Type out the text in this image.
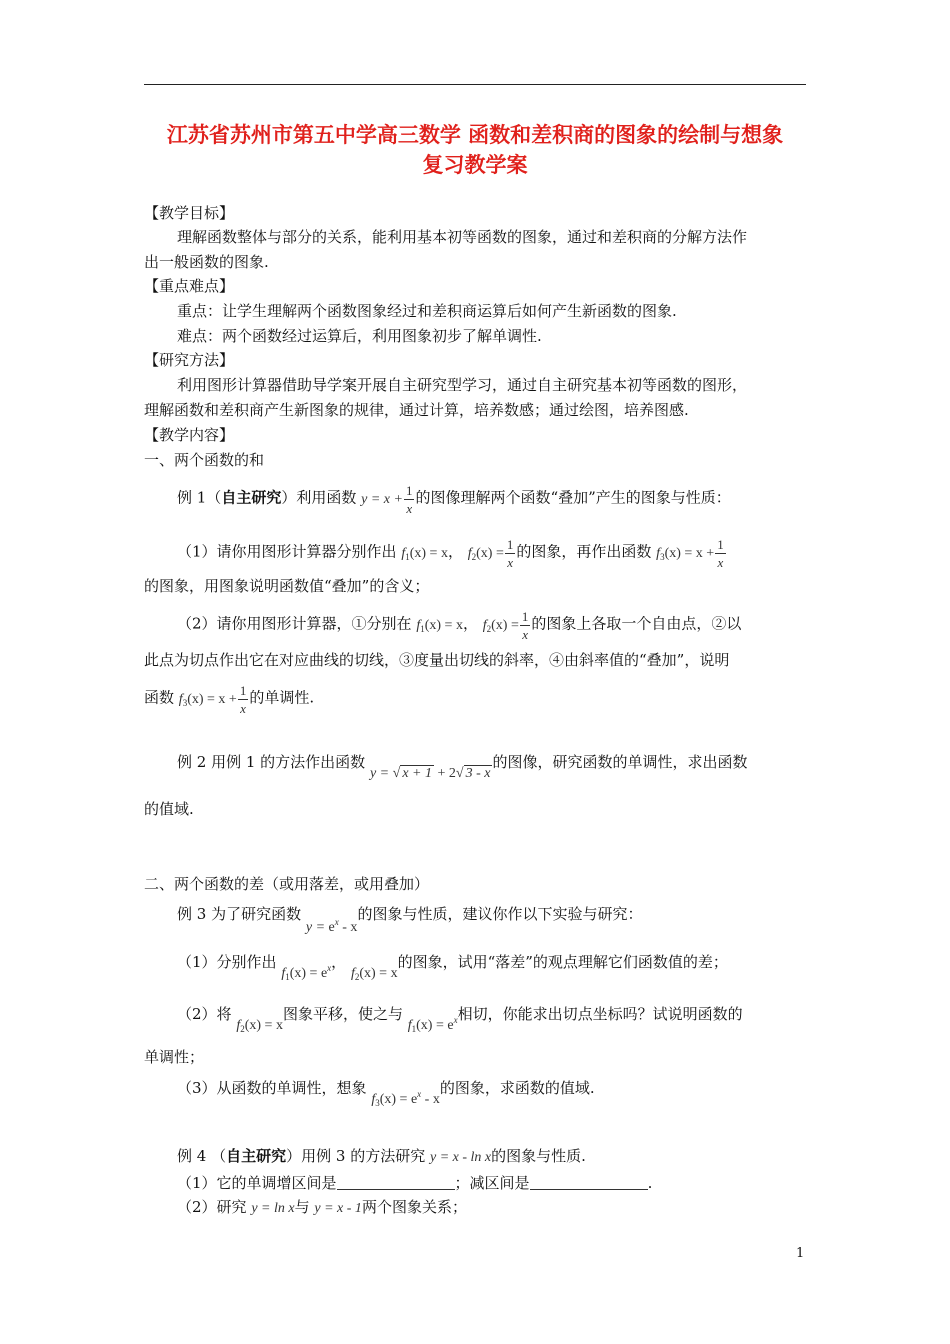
江苏省苏州市第五中学高三数学 函数和差积商的图象的绘制与想象
复习教学案
【教学目标】
理解函数整体与部分的关系，能利用基本初等函数的图象，通过和差积商的分解方法作
出一般函数的图象.
【重点难点】
重点：让学生理解两个函数图象经过和差积商运算后如何产生新函数的图象.
难点：两个函数经过运算后，利用图象初步了解单调性.
【研究方法】
利用图形计算器借助导学案开展自主研究型学习，通过自主研究基本初等函数的图形，
理解函数和差积商产生新图象的规律，通过计算，培养数感；通过绘图，培养图感.
【教学内容】
一、两个函数的和
例 1（自主研究）利用函数 $y = x + \frac{1}{x}$ 的图像理解两个函数“叠加”产生的图象与性质：
（1）请你用图形计算器分别作出 $f_1(x) = x$， $f_2(x) = \frac{1}{x}$ 的图象，再作出函数 $f_3(x) = x + \frac{1}{x}$
的图象，用图象说明函数值“叠加”的含义；
（2）请你用图形计算器，①分别在 $f_1(x) = x$， $f_2(x) = \frac{1}{x}$ 的图象上各取一个自由点，②以
此点为切点作出它在对应曲线的切线，③度量出切线的斜率，④由斜率值的“叠加”，说明
函数 $f_3(x) = x + \frac{1}{x}$ 的单调性.
例 2 用例 1 的方法作出函数 y = √ x + 1 + 2√ 3 - x的图像，研究函数的单调性，求出函数
的值域.
二、两个函数的差（或用落差，或用叠加）
例 3 为了研究函数 $y = e^x - x$的图象与性质，建议你作以下实验与研究：
（1）分别作出 $f_1(x) = e^x$， $f_2(x) = x$的图象，试用“落差”的观点理解它们函数值的差；
（2）将 $f_2(x) = x$图象平移，使之与 $f_1(x) = e^x$相切，你能求出切点坐标吗？试说明函数的
单调性；
（3）从函数的单调性，想象 $f_3(x) = e^x - x$的图象，求函数的值域.
例 4 （自主研究）用例 3 的方法研究 y = x - ln x的图象与性质.
（1）它的单调增区间是	；减区间是	.
（2）研究 y = ln x与 y = x - 1两个图象关系；
1
